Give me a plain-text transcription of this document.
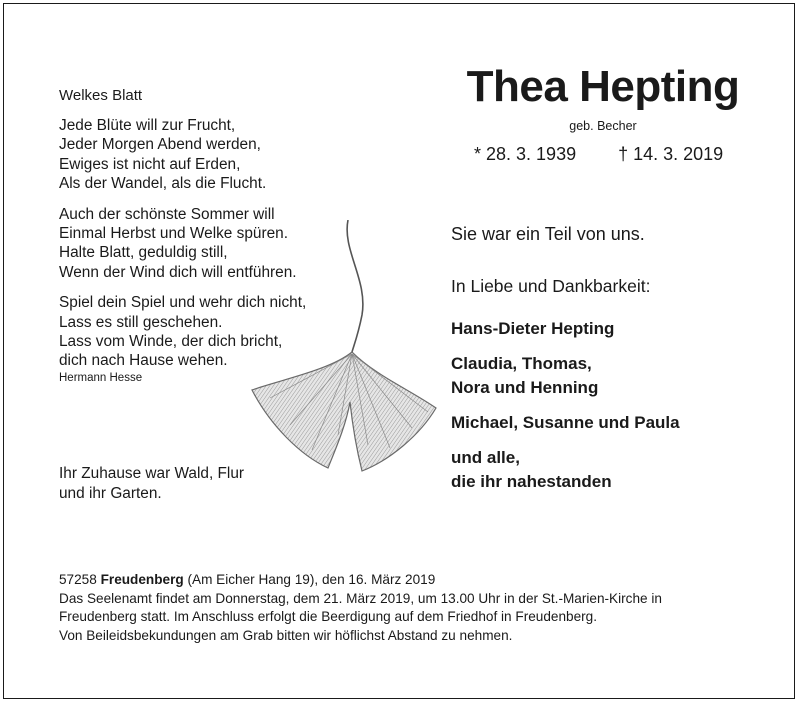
Welkes Blatt
Jede Blüte will zur Frucht,
Jeder Morgen Abend werden,
Ewiges ist nicht auf Erden,
Als der Wandel, als die Flucht.
Auch der schönste Sommer will
Einmal Herbst und Welke spüren.
Halte Blatt, geduldig still,
Wenn der Wind dich will entführen.
Spiel dein Spiel und wehr dich nicht,
Lass es still geschehen.
Lass vom Winde, der dich bricht,
dich nach Hause wehen.
Hermann Hesse
Ihr Zuhause war Wald, Flur
und ihr Garten.
Thea Hepting
geb. Becher
* 28. 3. 1939 † 14. 3. 2019
Sie war ein Teil von uns.
In Liebe und Dankbarkeit:
Hans-Dieter Hepting
Claudia, Thomas,
Nora und Henning
Michael, Susanne und Paula
und alle,
die ihr nahestanden
57258 Freudenberg (Am Eicher Hang 19), den 16. März 2019
Das Seelenamt findet am Donnerstag, dem 21. März 2019, um 13.00 Uhr in der St.-Marien-Kirche in
Freudenberg statt. Im Anschluss erfolgt die Beerdigung auf dem Friedhof in Freudenberg.
Von Beileidsbekundungen am Grab bitten wir höflichst Abstand zu nehmen.
